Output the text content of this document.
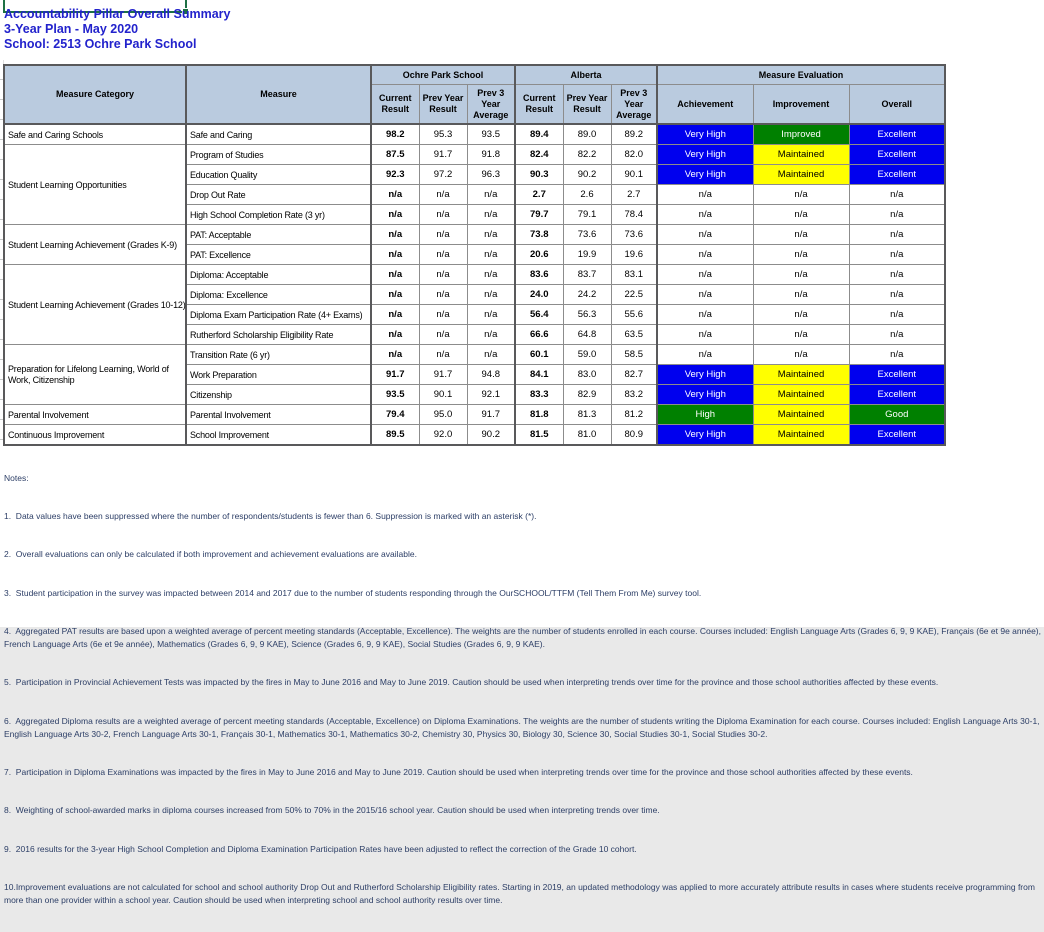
Accountability Pillar Overall Summary
3-Year Plan - May 2020
School: 2513 Ochre Park School
Measure Category	Measure	Ochre Park School			Alberta			Measure Evaluation		
		Current Result	Prev Year Result	Prev 3 Year Average	Current Result	Prev Year Result	Prev 3 Year Average	Achievement	Improvement	Overall
Safe and Caring Schools	Safe and Caring	98.2	95.3	93.5	89.4	89.0	89.2	Very High	Improved	Excellent
Student Learning Opportunities	Program of Studies	87.5	91.7	91.8	82.4	82.2	82.0	Very High	Maintained	Excellent
	Education Quality	92.3	97.2	96.3	90.3	90.2	90.1	Very High	Maintained	Excellent
	Drop Out Rate	n/a	n/a	n/a	2.7	2.6	2.7	n/a	n/a	n/a
	High School Completion Rate (3 yr)	n/a	n/a	n/a	79.7	79.1	78.4	n/a	n/a	n/a
Student Learning Achievement (Grades K-9)	PAT: Acceptable	n/a	n/a	n/a	73.8	73.6	73.6	n/a	n/a	n/a
	PAT: Excellence	n/a	n/a	n/a	20.6	19.9	19.6	n/a	n/a	n/a
Student Learning Achievement (Grades 10-12)	Diploma: Acceptable	n/a	n/a	n/a	83.6	83.7	83.1	n/a	n/a	n/a
	Diploma: Excellence	n/a	n/a	n/a	24.0	24.2	22.5	n/a	n/a	n/a
	Diploma Exam Participation Rate (4+ Exams)	n/a	n/a	n/a	56.4	56.3	55.6	n/a	n/a	n/a
	Rutherford Scholarship Eligibility Rate	n/a	n/a	n/a	66.6	64.8	63.5	n/a	n/a	n/a
Preparation for Lifelong Learning, World of Work, Citizenship	Transition Rate (6 yr)	n/a	n/a	n/a	60.1	59.0	58.5	n/a	n/a	n/a
	Work Preparation	91.7	91.7	94.8	84.1	83.0	82.7	Very High	Maintained	Excellent
	Citizenship	93.5	90.1	92.1	83.3	82.9	83.2	Very High	Maintained	Excellent
Parental Involvement	Parental Involvement	79.4	95.0	91.7	81.8	81.3	81.2	High	Maintained	Good
Continuous Improvement	School Improvement	89.5	92.0	90.2	81.5	81.0	80.9	Very High	Maintained	Excellent

Notes:

1.  Data values have been suppressed where the number of respondents/students is fewer than 6. Suppression is marked with an asterisk (*).

2.  Overall evaluations can only be calculated if both improvement and achievement evaluations are available.

3.  Student participation in the survey was impacted between 2014 and 2017 due to the number of students responding through the OurSCHOOL/TTFM (Tell Them From Me) survey tool.

4.  Aggregated PAT results are based upon a weighted average of percent meeting standards (Acceptable, Excellence). The weights are the number of students enrolled in each course. Courses included: English Language Arts (Grades 6, 9, 9 KAE), Français (6e et 9e année), French Language Arts (6e et 9e année), Mathematics (Grades 6, 9, 9 KAE), Science (Grades 6, 9, 9 KAE), Social Studies (Grades 6, 9, 9 KAE).

5.  Participation in Provincial Achievement Tests was impacted by the fires in May to June 2016 and May to June 2019. Caution should be used when interpreting trends over time for the province and those school authorities affected by these events.

6.  Aggregated Diploma results are a weighted average of percent meeting standards (Acceptable, Excellence) on Diploma Examinations. The weights are the number of students writing the Diploma Examination for each course. Courses included: English Language Arts 30-1, English Language Arts 30-2, French Language Arts 30-1, Français 30-1, Mathematics 30-1, Mathematics 30-2, Chemistry 30, Physics 30, Biology 30, Science 30, Social Studies 30-1, Social Studies 30-2.

7.  Participation in Diploma Examinations was impacted by the fires in May to June 2016 and May to June 2019. Caution should be used when interpreting trends over time for the province and those school authorities affected by these events.

8.  Weighting of school-awarded marks in diploma courses increased from 50% to 70% in the 2015/16 school year. Caution should be used when interpreting trends over time.

9.  2016 results for the 3-year High School Completion and Diploma Examination Participation Rates have been adjusted to reflect the correction of the Grade 10 cohort.

10.Improvement evaluations are not calculated for school and school authority Drop Out and Rutherford Scholarship Eligibility rates. Starting in 2019, an updated methodology was applied to more accurately attribute results in cases where students receive programming from more than one provider within a school year. Caution should be used when interpreting school and school authority results over time.
